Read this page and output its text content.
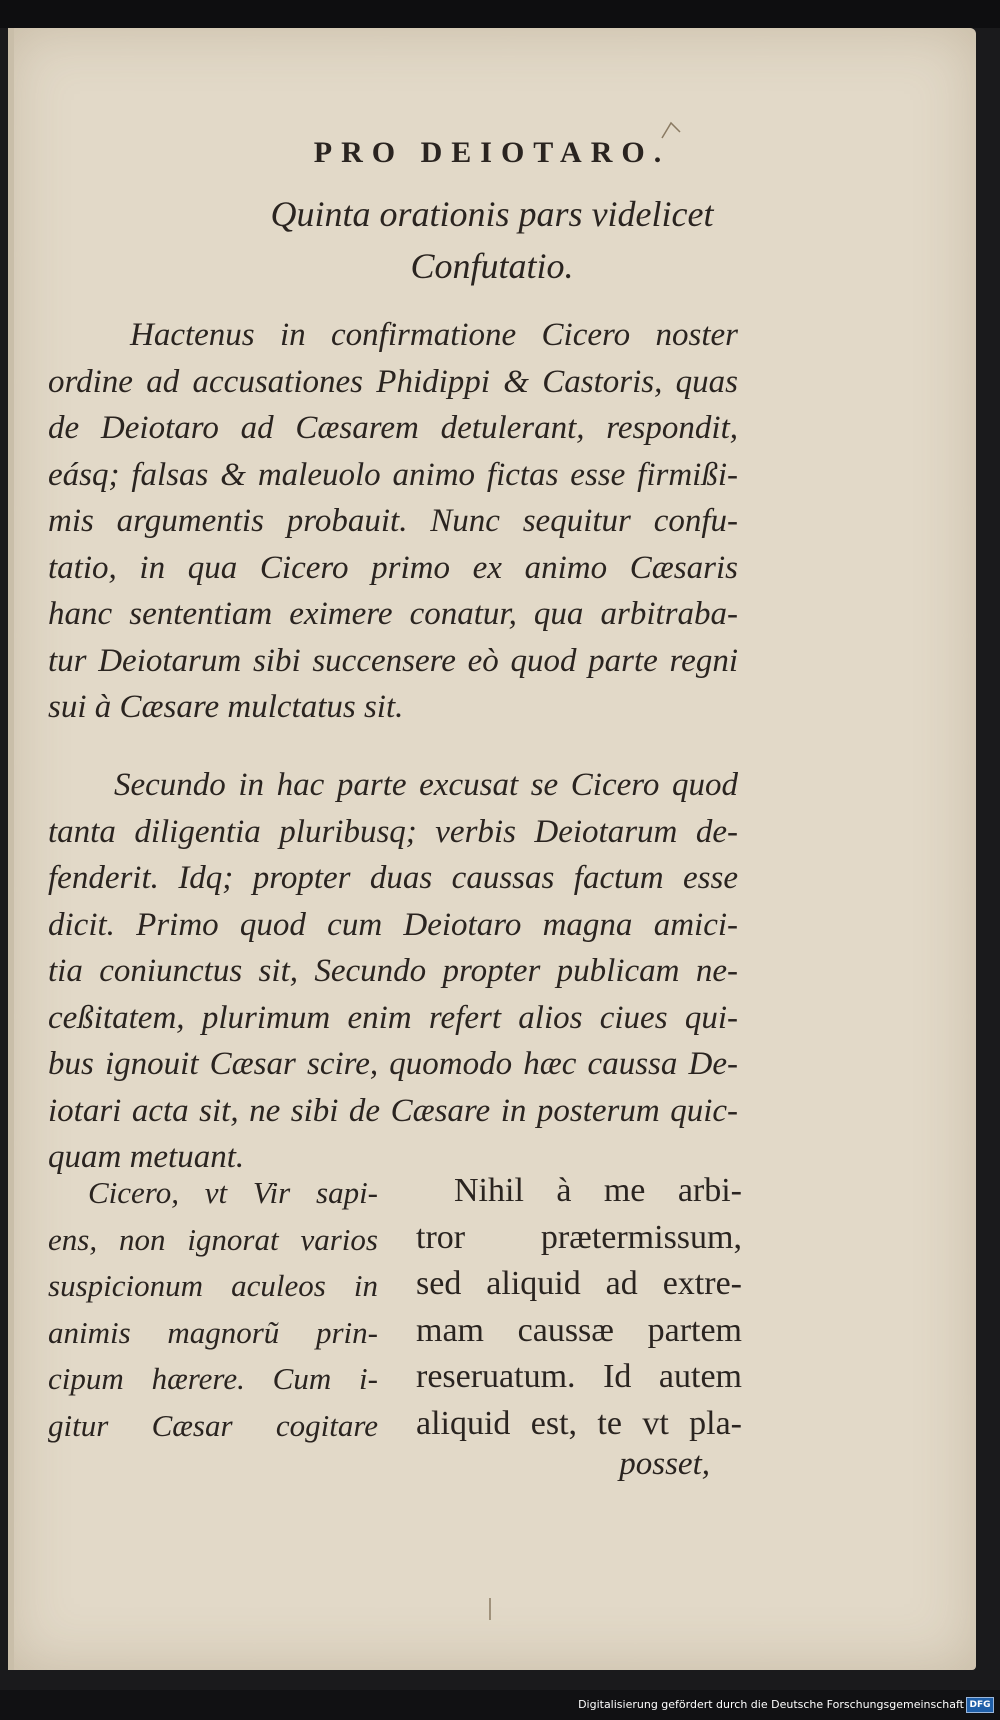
PRO DEIOTARO.
Quinta orationis pars videlicet
Confutatio.
Hactenus in confirmatione Cicero noster
ordine ad accusationes Phidippi & Castoris, quas
de Deiotaro ad Cæsarem detulerant, respondit,
eásq; falsas & maleuolo animo fictas esse firmißi-
mis argumentis probauit. Nunc sequitur confu-
tatio, in qua Cicero primo ex animo Cæsaris
hanc sententiam eximere conatur, qua arbitraba-
tur Deiotarum sibi succensere eò quod parte regni
sui à Cæsare mulctatus sit.
Secundo in hac parte excusat se Cicero quod
tanta diligentia pluribusq; verbis Deiotarum de-
fenderit. Idq; propter duas caussas factum esse
dicit. Primo quod cum Deiotaro magna amici-
tia coniunctus sit, Secundo propter publicam ne-
ceßitatem, plurimum enim refert alios ciues qui-
bus ignouit Cæsar scire, quomodo hæc caussa De-
iotari acta sit, ne sibi de Cæsare in posterum quic-
quam metuant.
Cicero, vt Vir sapi-
ens, non ignorat varios
suspicionum aculeos in
animis magnorũ prin-
cipum hærere. Cum i-
gitur Cæsar cogitare
Nihil à me arbi-
tror prætermissum,
sed aliquid ad extre-
mam caussæ partem
reseruatum. Id autem
aliquid est, te vt pla-
posset,
Digitalisierung gefördert durch die Deutsche Forschungsgemeinschaft DFG
